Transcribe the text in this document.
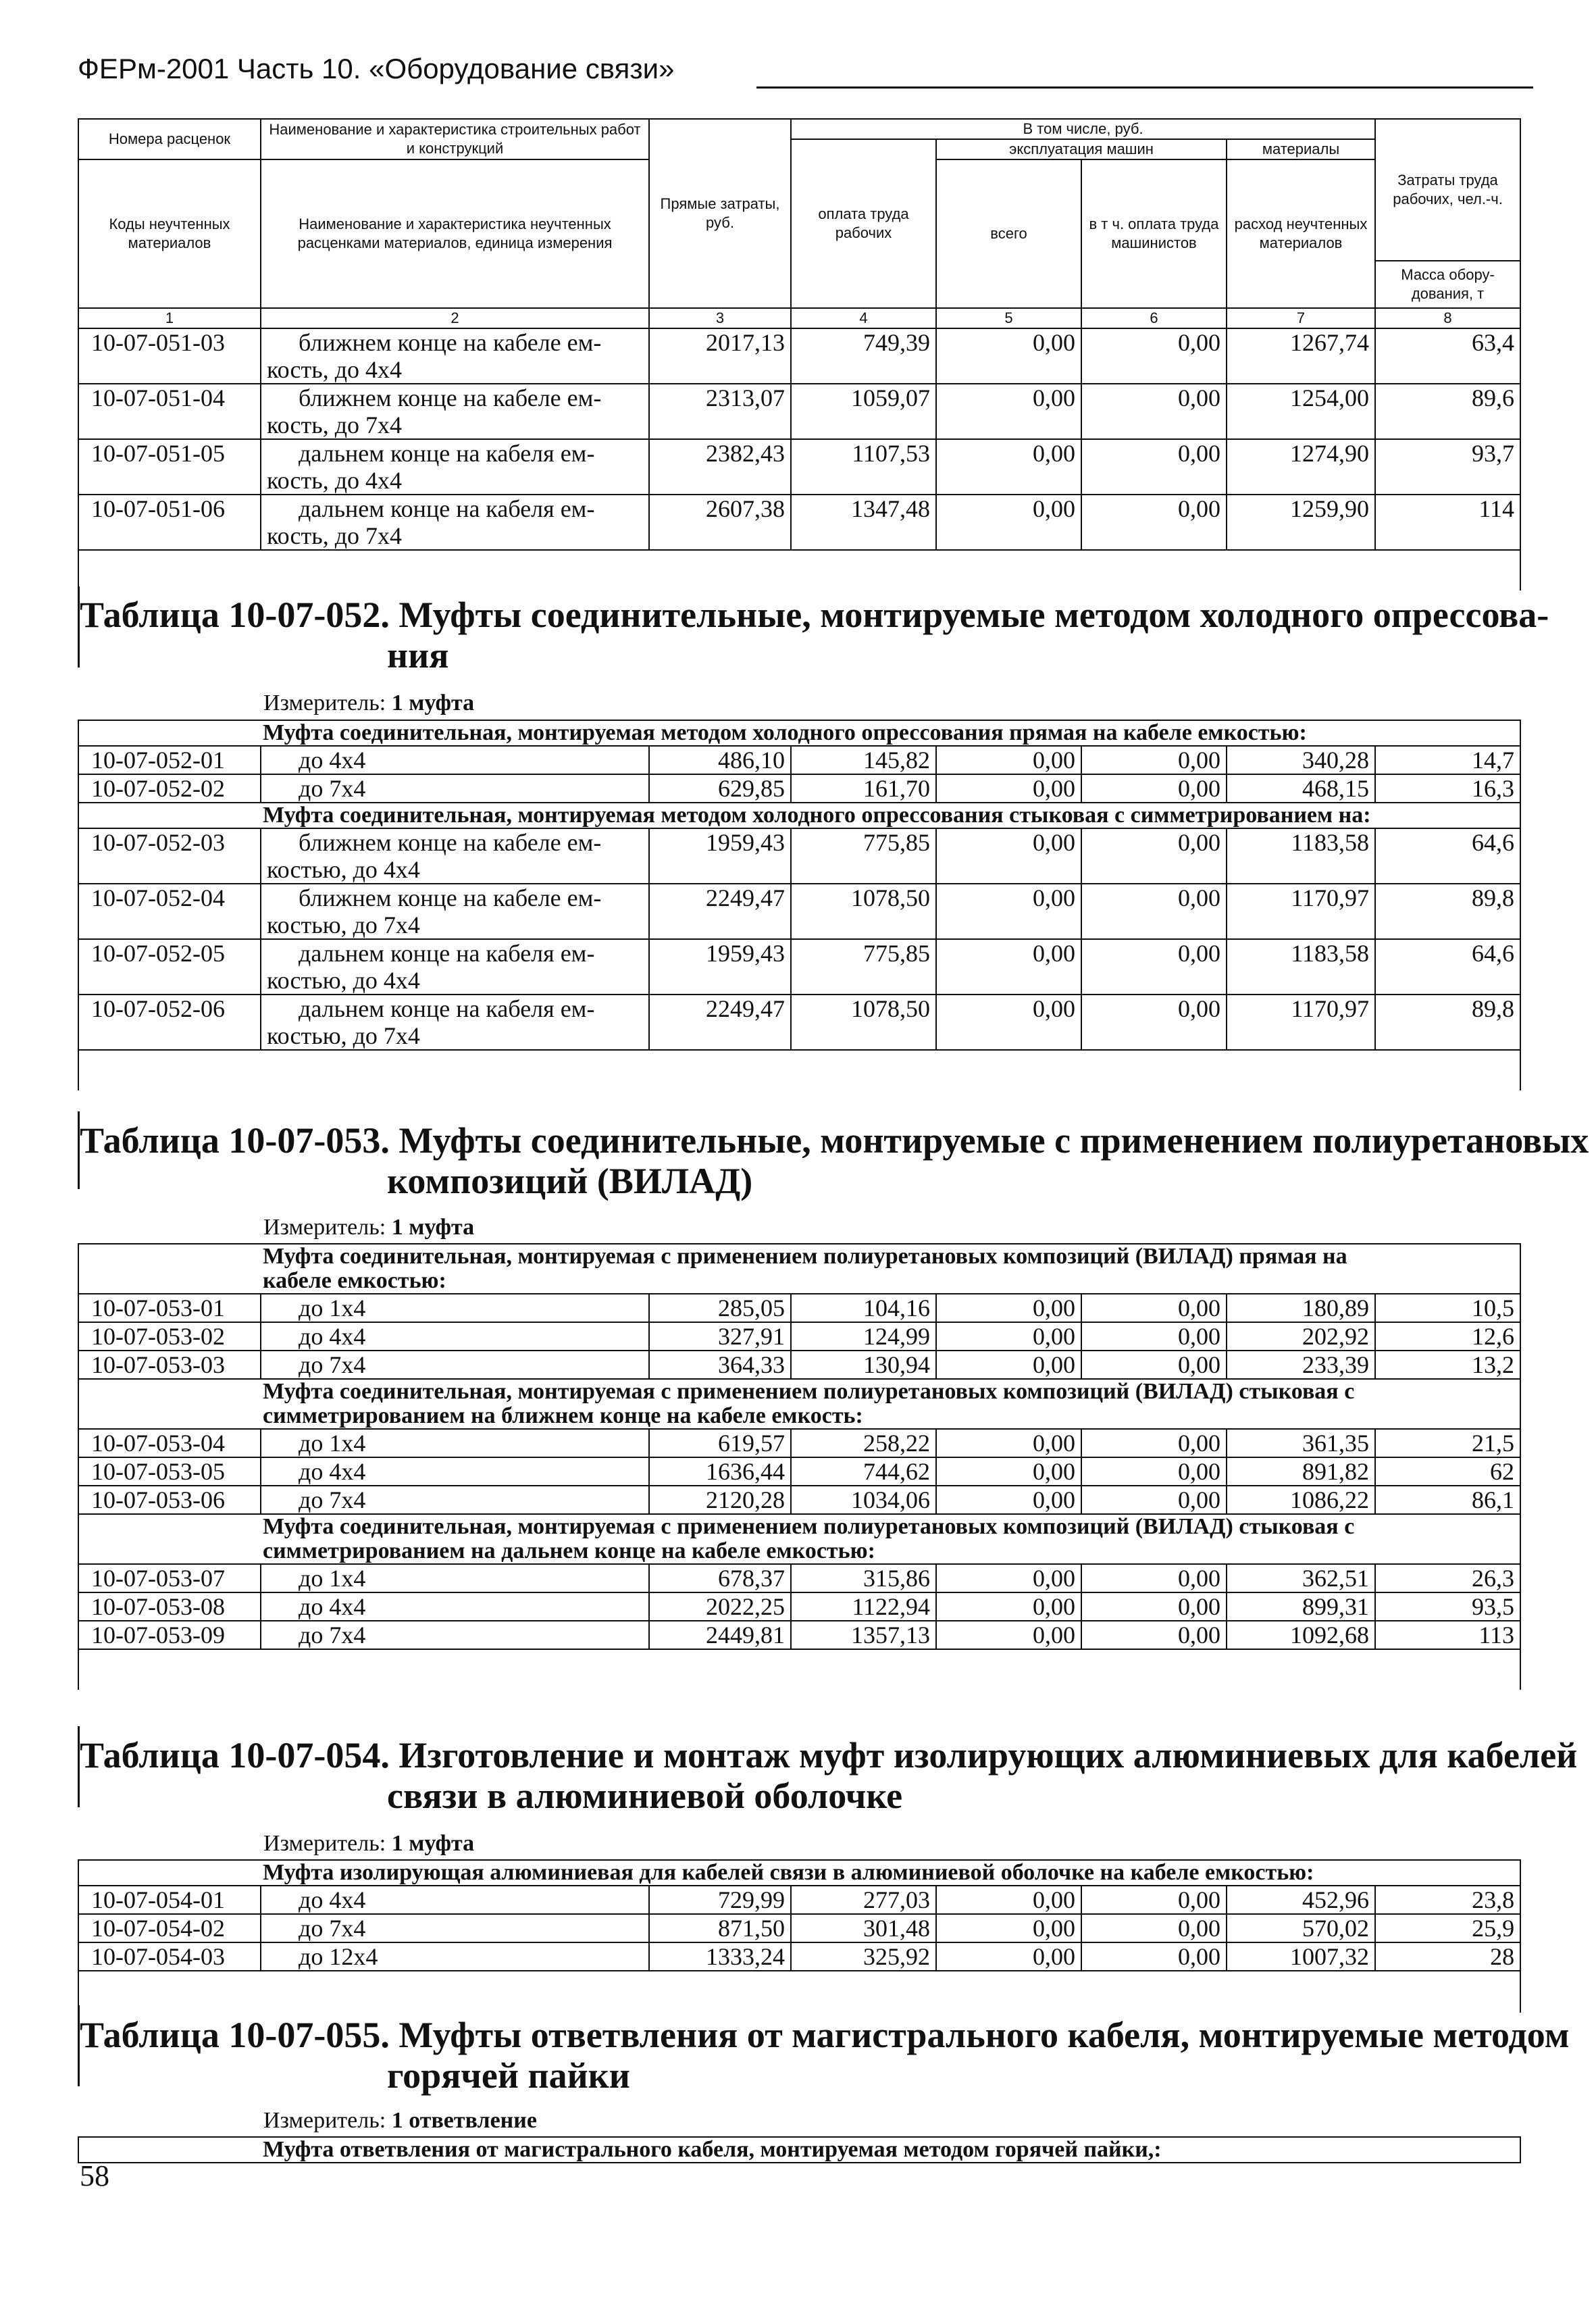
ФЕРм-2001 Часть 10. «Оборудование связи»
Номера расценок	Наименование и характеристика строительных работ и конструкций	Прямые затраты, руб.	В том числе, руб.				Затраты труда рабочих, чел.-ч.
			оплата труда рабочих	эксплуатация машин		материалы	
Коды неучтенных материалов	Наименование и характеристика неучтенных расценками материалов, единица измерения			всего	в т ч. оплата труда машинистов	расход неучтенных материалов	
							Масса обору-дования, т
1	2	3	4	5	6	7	8
10-07-051-03	ближнем конце на кабеле ем-
кость, до 4х4	2017,13	749,39	0,00	0,00	1267,74	63,4
10-07-051-04	ближнем конце на кабеле ем-
кость, до 7х4	2313,07	1059,07	0,00	0,00	1254,00	89,6
10-07-051-05	дальнем конце на кабеля ем-
кость, до 4х4	2382,43	1107,53	0,00	0,00	1274,90	93,7
10-07-051-06	дальнем конце на кабеля ем-
кость, до 7х4	2607,38	1347,48	0,00	0,00	1259,90	114

Таблица 10-07-052. Муфты соединительные, монтируемые методом холодного опрессова-
ния
Измеритель: 1 муфта
Муфта соединительная, монтируемая методом холодного опрессования прямая на кабеле емкостью:							
10-07-052-01	до 4х4	486,10	145,82	0,00	0,00	340,28	14,7
10-07-052-02	до 7х4	629,85	161,70	0,00	0,00	468,15	16,3
Муфта соединительная, монтируемая методом холодного опрессования стыковая с симметрированием на:							
10-07-052-03	ближнем конце на кабеле ем-
костью, до 4х4	1959,43	775,85	0,00	0,00	1183,58	64,6
10-07-052-04	ближнем конце на кабеле ем-
костью, до 7х4	2249,47	1078,50	0,00	0,00	1170,97	89,8
10-07-052-05	дальнем конце на кабеля ем-
костью, до 4х4	1959,43	775,85	0,00	0,00	1183,58	64,6
10-07-052-06	дальнем конце на кабеля ем-
костью, до 7х4	2249,47	1078,50	0,00	0,00	1170,97	89,8

Таблица 10-07-053. Муфты соединительные, монтируемые с применением полиуретановых
композиций (ВИЛАД)
Измеритель: 1 муфта
Муфта соединительная, монтируемая с применением полиуретановых композиций (ВИЛАД) прямая на
кабеле емкостью:							
10-07-053-01	до 1х4	285,05	104,16	0,00	0,00	180,89	10,5
10-07-053-02	до 4х4	327,91	124,99	0,00	0,00	202,92	12,6
10-07-053-03	до 7х4	364,33	130,94	0,00	0,00	233,39	13,2
Муфта соединительная, монтируемая с применением полиуретановых композиций (ВИЛАД) стыковая с
симметрированием на ближнем конце на кабеле емкость:							
10-07-053-04	до 1х4	619,57	258,22	0,00	0,00	361,35	21,5
10-07-053-05	до 4х4	1636,44	744,62	0,00	0,00	891,82	62
10-07-053-06	до 7х4	2120,28	1034,06	0,00	0,00	1086,22	86,1
Муфта соединительная, монтируемая с применением полиуретановых композиций (ВИЛАД) стыковая с
симметрированием на дальнем конце на кабеле емкостью:							
10-07-053-07	до 1х4	678,37	315,86	0,00	0,00	362,51	26,3
10-07-053-08	до 4х4	2022,25	1122,94	0,00	0,00	899,31	93,5
10-07-053-09	до 7х4	2449,81	1357,13	0,00	0,00	1092,68	113

Таблица 10-07-054. Изготовление и монтаж муфт изолирующих алюминиевых для кабелей
связи в алюминиевой оболочке
Измеритель: 1 муфта
Муфта изолирующая алюминиевая для кабелей связи в алюминиевой оболочке на кабеле емкостью:							
10-07-054-01	до 4х4	729,99	277,03	0,00	0,00	452,96	23,8
10-07-054-02	до 7х4	871,50	301,48	0,00	0,00	570,02	25,9
10-07-054-03	до 12х4	1333,24	325,92	0,00	0,00	1007,32	28

Таблица 10-07-055. Муфты ответвления от магистрального кабеля, монтируемые методом
горячей пайки
Измеритель: 1 ответвление
Муфта ответвления от магистрального кабеля, монтируемая методом горячей пайки,:
58
